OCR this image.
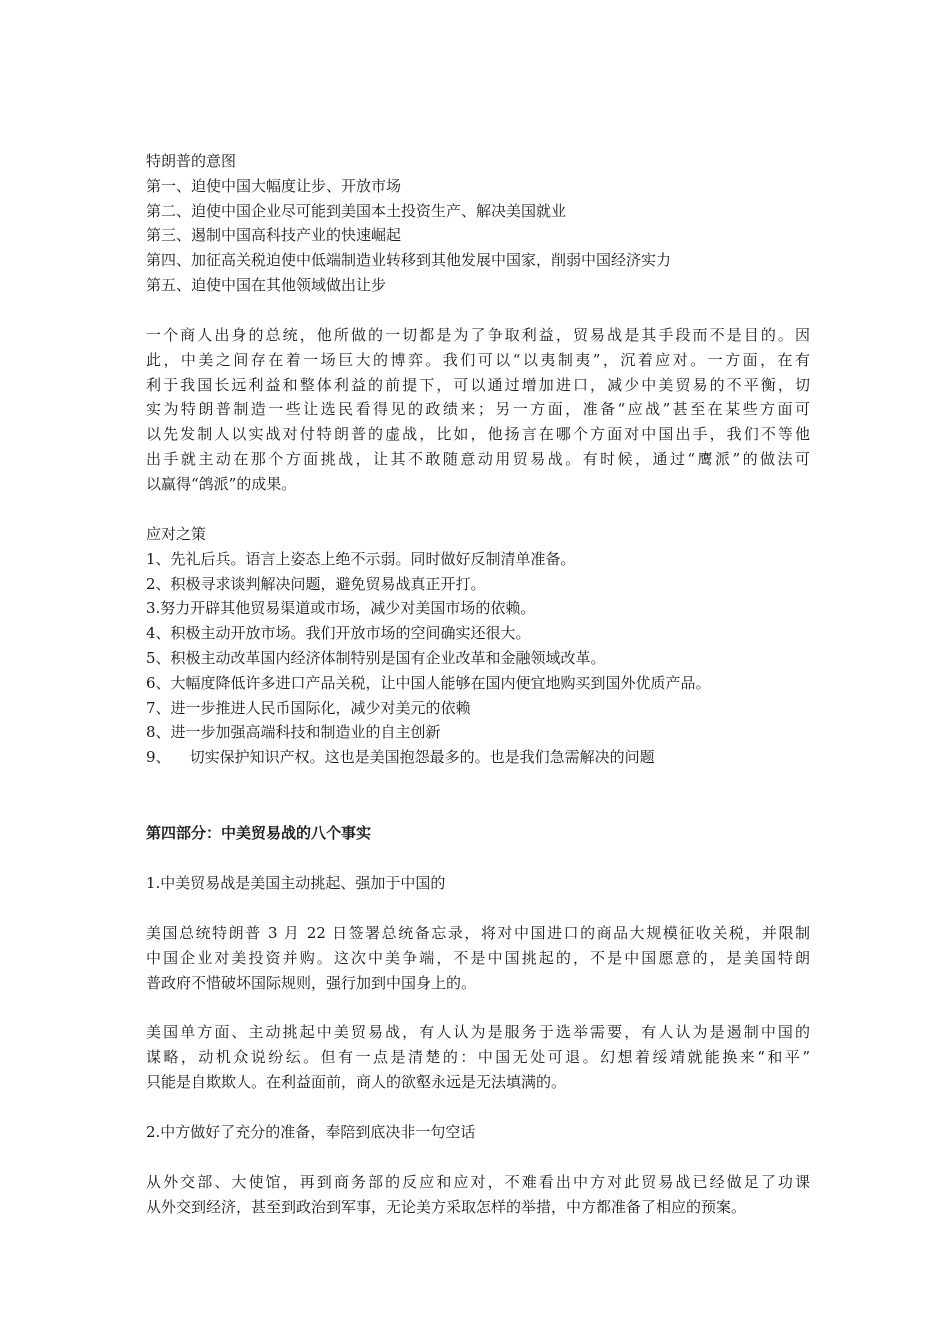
特朗普的意图
第一、迫使中国大幅度让步、开放市场
第二、迫使中国企业尽可能到美国本土投资生产、解决美国就业
第三、遏制中国高科技产业的快速崛起
第四、加征高关税迫使中低端制造业转移到其他发展中国家，削弱中国经济实力
第五、迫使中国在其他领域做出让步
一个商人出身的总统，他所做的一切都是为了争取利益，贸易战是其手段而不是目的。因
此，中美之间存在着一场巨大的博弈。我们可以“以夷制夷”，沉着应对。一方面，在有
利于我国长远利益和整体利益的前提下，可以通过增加进口，减少中美贸易的不平衡，切
实为特朗普制造一些让选民看得见的政绩来；另一方面，准备“应战”甚至在某些方面可
以先发制人以实战对付特朗普的虚战，比如，他扬言在哪个方面对中国出手，我们不等他
出手就主动在那个方面挑战，让其不敢随意动用贸易战。有时候，通过“鹰派”的做法可
以赢得“鸽派”的成果。
应对之策
1、先礼后兵。语言上姿态上绝不示弱。同时做好反制清单准备。
2、积极寻求谈判解决问题，避免贸易战真正开打。
3.努力开辟其他贸易渠道或市场，减少对美国市场的依赖。
4、积极主动开放市场。我们开放市场的空间确实还很大。
5、积极主动改革国内经济体制特别是国有企业改革和金融领域改革。
6、大幅度降低许多进口产品关税，让中国人能够在国内便宜地购买到国外优质产品。
7、进一步推进人民币国际化，减少对美元的依赖
8、进一步加强高端科技和制造业的自主创新
9、    切实保护知识产权。这也是美国抱怨最多的。也是我们急需解决的问题
第四部分：中美贸易战的八个事实
1.中美贸易战是美国主动挑起、强加于中国的
美国总统特朗普 3 月 22 日签署总统备忘录，将对中国进口的商品大规模征收关税，并限制
中国企业对美投资并购。这次中美争端，不是中国挑起的，不是中国愿意的，是美国特朗
普政府不惜破坏国际规则，强行加到中国身上的。
美国单方面、主动挑起中美贸易战，有人认为是服务于选举需要，有人认为是遏制中国的
谋略，动机众说纷纭。但有一点是清楚的：中国无处可退。幻想着绥靖就能换来“和平”
只能是自欺欺人。在利益面前，商人的欲壑永远是无法填满的。
2.中方做好了充分的准备，奉陪到底决非一句空话
从外交部、大使馆，再到商务部的反应和应对，不难看出中方对此贸易战已经做足了功课
从外交到经济，甚至到政治到军事，无论美方采取怎样的举措，中方都准备了相应的预案。
